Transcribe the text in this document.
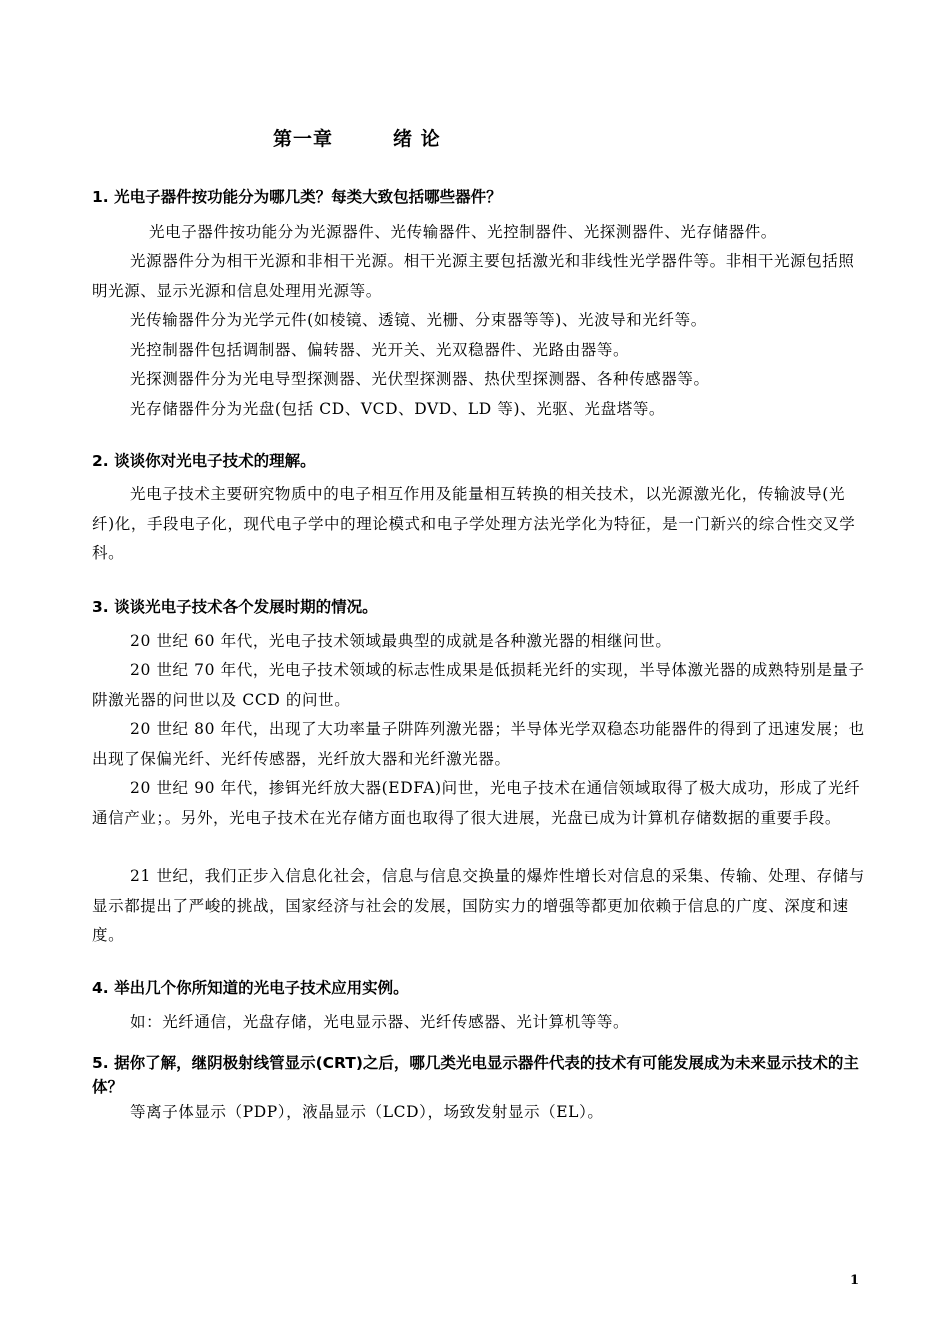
第一章　　　绪 论
1. 光电子器件按功能分为哪几类？每类大致包括哪些器件？
光电子器件按功能分为光源器件、光传输器件、光控制器件、光探测器件、光存储器件。
光源器件分为相干光源和非相干光源。相干光源主要包括激光和非线性光学器件等。非相干光源包括照明光源、显示光源和信息处理用光源等。
光传输器件分为光学元件(如棱镜、透镜、光栅、分束器等等)、光波导和光纤等。
光控制器件包括调制器、偏转器、光开关、光双稳器件、光路由器等。
光探测器件分为光电导型探测器、光伏型探测器、热伏型探测器、各种传感器等。
光存储器件分为光盘(包括 CD、VCD、DVD、LD 等)、光驱、光盘塔等。
2. 谈谈你对光电子技术的理解。
光电子技术主要研究物质中的电子相互作用及能量相互转换的相关技术，以光源激光化，传输波导(光纤)化，手段电子化，现代电子学中的理论模式和电子学处理方法光学化为特征，是一门新兴的综合性交叉学科。
3. 谈谈光电子技术各个发展时期的情况。
20 世纪 60 年代，光电子技术领域最典型的成就是各种激光器的相继问世。
20 世纪 70 年代，光电子技术领域的标志性成果是低损耗光纤的实现，半导体激光器的成熟特别是量子阱激光器的问世以及 CCD 的问世。
20 世纪 80 年代，出现了大功率量子阱阵列激光器；半导体光学双稳态功能器件的得到了迅速发展；也出现了保偏光纤、光纤传感器，光纤放大器和光纤激光器。
20 世纪 90 年代，掺铒光纤放大器(EDFA)问世，光电子技术在通信领域取得了极大成功，形成了光纤通信产业；。另外，光电子技术在光存储方面也取得了很大进展，光盘已成为计算机存储数据的重要手段。
21 世纪，我们正步入信息化社会，信息与信息交换量的爆炸性增长对信息的采集、传输、处理、存储与显示都提出了严峻的挑战，国家经济与社会的发展，国防实力的增强等都更加依赖于信息的广度、深度和速度。
4. 举出几个你所知道的光电子技术应用实例。
如：光纤通信，光盘存储，光电显示器、光纤传感器、光计算机等等。
5. 据你了解，继阴极射线管显示(CRT)之后，哪几类光电显示器件代表的技术有可能发展成为未来显示技术的主体？
等离子体显示（PDP），液晶显示（LCD），场致发射显示（EL）。
1
